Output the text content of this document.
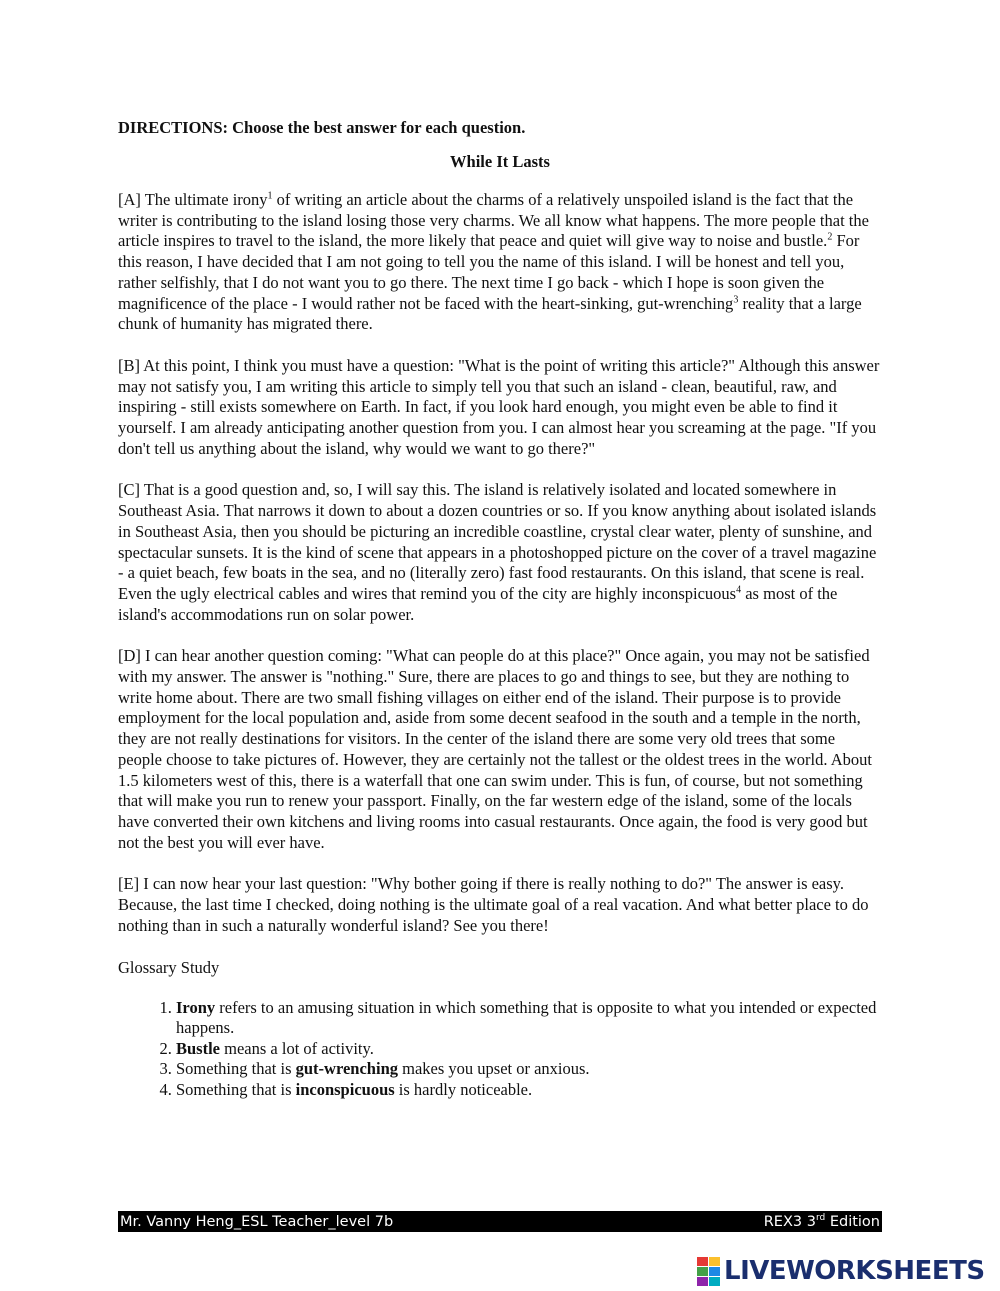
DIRECTIONS: Choose the best answer for each question.

While It Lasts

[A] The ultimate irony$^1$ of writing an article about the charms of a relatively unspoiled island is the fact that the writer is contributing to the island losing those very charms. We all know what happens. The more people that the article inspires to travel to the island, the more likely that peace and quiet will give way to noise and bustle.$^2$ For this reason, I have decided that I am not going to tell you the name of this island. I will be honest and tell you, rather selfishly, that I do not want you to go there. The next time I go back - which I hope is soon given the magnificence of the place - I would rather not be faced with the heart-sinking, gut-wrenching$^3$ reality that a large chunk of humanity has migrated there.

[B] At this point, I think you must have a question: "What is the point of writing this article?" Although this answer may not satisfy you, I am writing this article to simply tell you that such an island - clean, beautiful, raw, and inspiring - still exists somewhere on Earth. In fact, if you look hard enough, you might even be able to find it yourself. I am already anticipating another question from you. I can almost hear you screaming at the page. "If you don't tell us anything about the island, why would we want to go there?"

[C] That is a good question and, so, I will say this. The island is relatively isolated and located somewhere in Southeast Asia. That narrows it down to about a dozen countries or so. If you know anything about isolated islands in Southeast Asia, then you should be picturing an incredible coastline, crystal clear water, plenty of sunshine, and spectacular sunsets. It is the kind of scene that appears in a photoshopped picture on the cover of a travel magazine - a quiet beach, few boats in the sea, and no (literally zero) fast food restaurants. On this island, that scene is real. Even the ugly electrical cables and wires that remind you of the city are highly inconspicuous$^4$ as most of the island's accommodations run on solar power.

[D] I can hear another question coming: "What can people do at this place?" Once again, you may not be satisfied with my answer. The answer is "nothing." Sure, there are places to go and things to see, but they are nothing to write home about. There are two small fishing villages on either end of the island. Their purpose is to provide employment for the local population and, aside from some decent seafood in the south and a temple in the north, they are not really destinations for visitors. In the center of the island there are some very old trees that some people choose to take pictures of. However, they are certainly not the tallest or the oldest trees in the world. About 1.5 kilometers west of this, there is a waterfall that one can swim under. This is fun, of course, but not something that will make you run to renew your passport. Finally, on the far western edge of the island, some of the locals have converted their own kitchens and living rooms into casual restaurants. Once again, the food is very good but not the best you will ever have.

[E] I can now hear your last question: "Why bother going if there is really nothing to do?" The answer is easy. Because, the last time I checked, doing nothing is the ultimate goal of a real vacation. And what better place to do nothing than in such a naturally wonderful island? See you there!

Glossary Study

1. Irony refers to an amusing situation in which something that is opposite to what you intended or expected happens.
2. Bustle means a lot of activity.
3. Something that is gut-wrenching makes you upset or anxious.
4. Something that is inconspicuous is hardly noticeable.
Mr. Vanny Heng_ESL Teacher_level 7b	REX3 3rd Edition
LIVEWORKSHEETS
